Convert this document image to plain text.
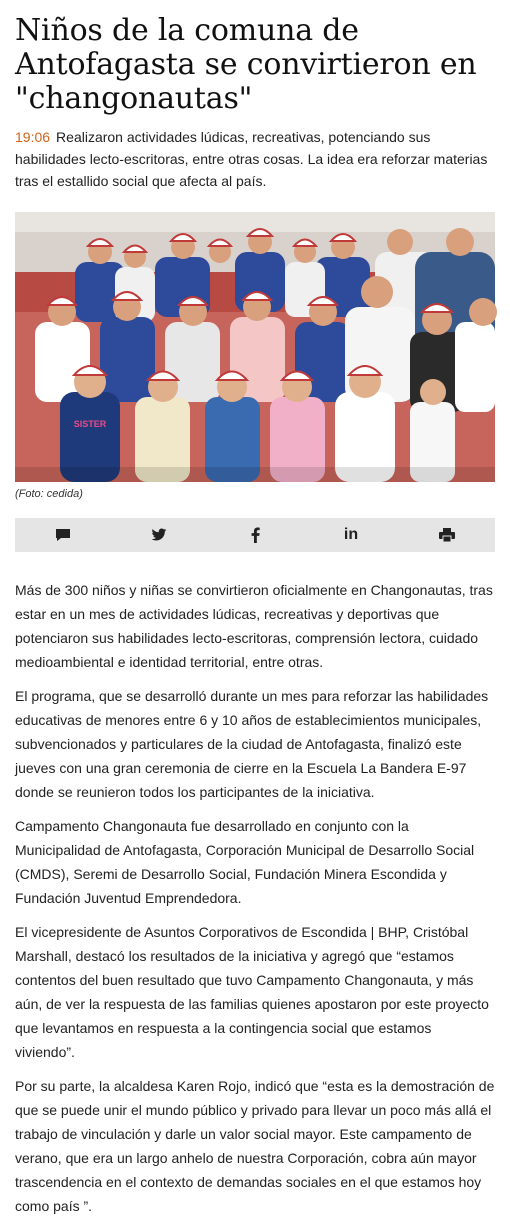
Niños de la comuna de Antofagasta se convirtieron en "changonautas"

19:06 Realizaron actividades lúdicas, recreativas, potenciando sus habilidades lecto-escritoras, entre otras cosas. La idea era reforzar materias tras el estallido social que afecta al país.

SISTER

(Foto: cedida)

in

Más de 300 niños y niñas se convirtieron oficialmente en Changonautas, tras estar en un mes de actividades lúdicas, recreativas y deportivas que potenciaron sus habilidades lecto-escritoras, comprensión lectora, cuidado medioambiental e identidad territorial, entre otras.

El programa, que se desarrolló durante un mes para reforzar las habilidades educativas de menores entre 6 y 10 años de establecimientos municipales, subvencionados y particulares de la ciudad de Antofagasta, finalizó este jueves con una gran ceremonia de cierre en la Escuela La Bandera E-97 donde se reunieron todos los participantes de la iniciativa.

Campamento Changonauta fue desarrollado en conjunto con la Municipalidad de Antofagasta, Corporación Municipal de Desarrollo Social (CMDS), Seremi de Desarrollo Social, Fundación Minera Escondida y Fundación Juventud Emprendedora.

El vicepresidente de Asuntos Corporativos de Escondida | BHP, Cristóbal Marshall, destacó los resultados de la iniciativa y agregó que “estamos contentos del buen resultado que tuvo Campamento Changonauta, y más aún, de ver la respuesta de las familias quienes apostaron por este proyecto que levantamos en respuesta a la contingencia social que estamos viviendo”.

Por su parte, la alcaldesa Karen Rojo, indicó que “esta es la demostración de que se puede unir el mundo público y privado para llevar un poco más allá el trabajo de vinculación y darle un valor social mayor. Este campamento de verano, que era un largo anhelo de nuestra Corporación, cobra aún mayor trascendencia en el contexto de demandas sociales en el que estamos hoy como país ”.
